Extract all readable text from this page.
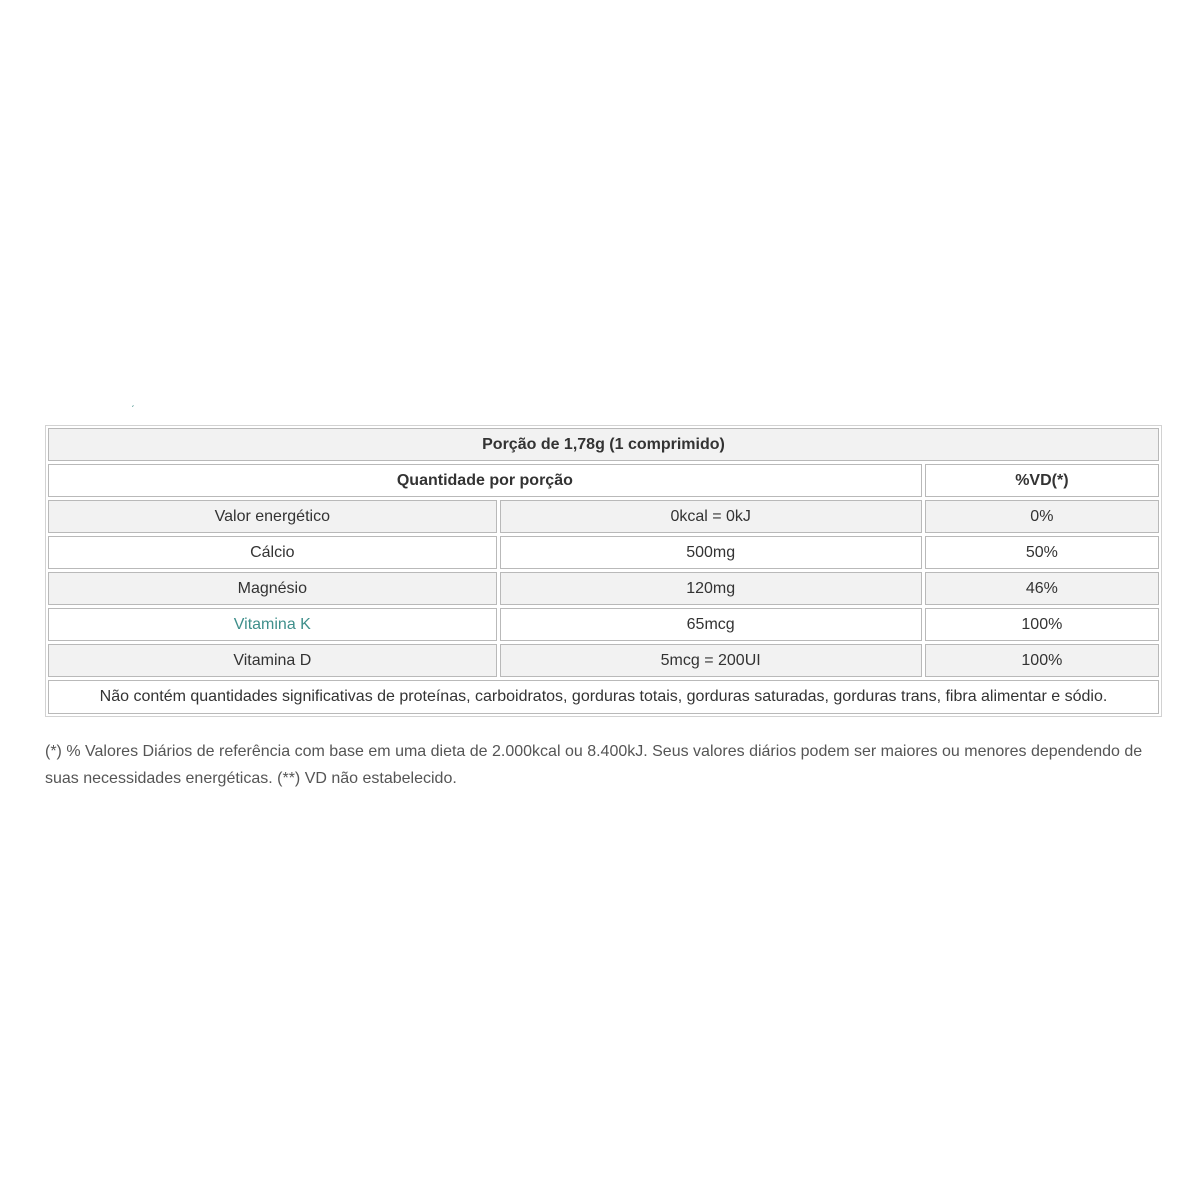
ˏ
Porção de 1,78g (1 comprimido)		
Quantidade por porção		%VD(*)
Valor energético	0kcal = 0kJ	0%
Cálcio	500mg	50%
Magnésio	120mg	46%
Vitamina K	65mcg	100%
Vitamina D	5mcg = 200UI	100%
Não contém quantidades significativas de proteínas, carboidratos, gorduras totais, gorduras saturadas, gorduras trans, fibra alimentar e sódio.		
(*) % Valores Diários de referência com base em uma dieta de 2.000kcal ou 8.400kJ. Seus valores diários podem ser maiores ou menores dependendo de suas necessidades energéticas. (**) VD não estabelecido.
